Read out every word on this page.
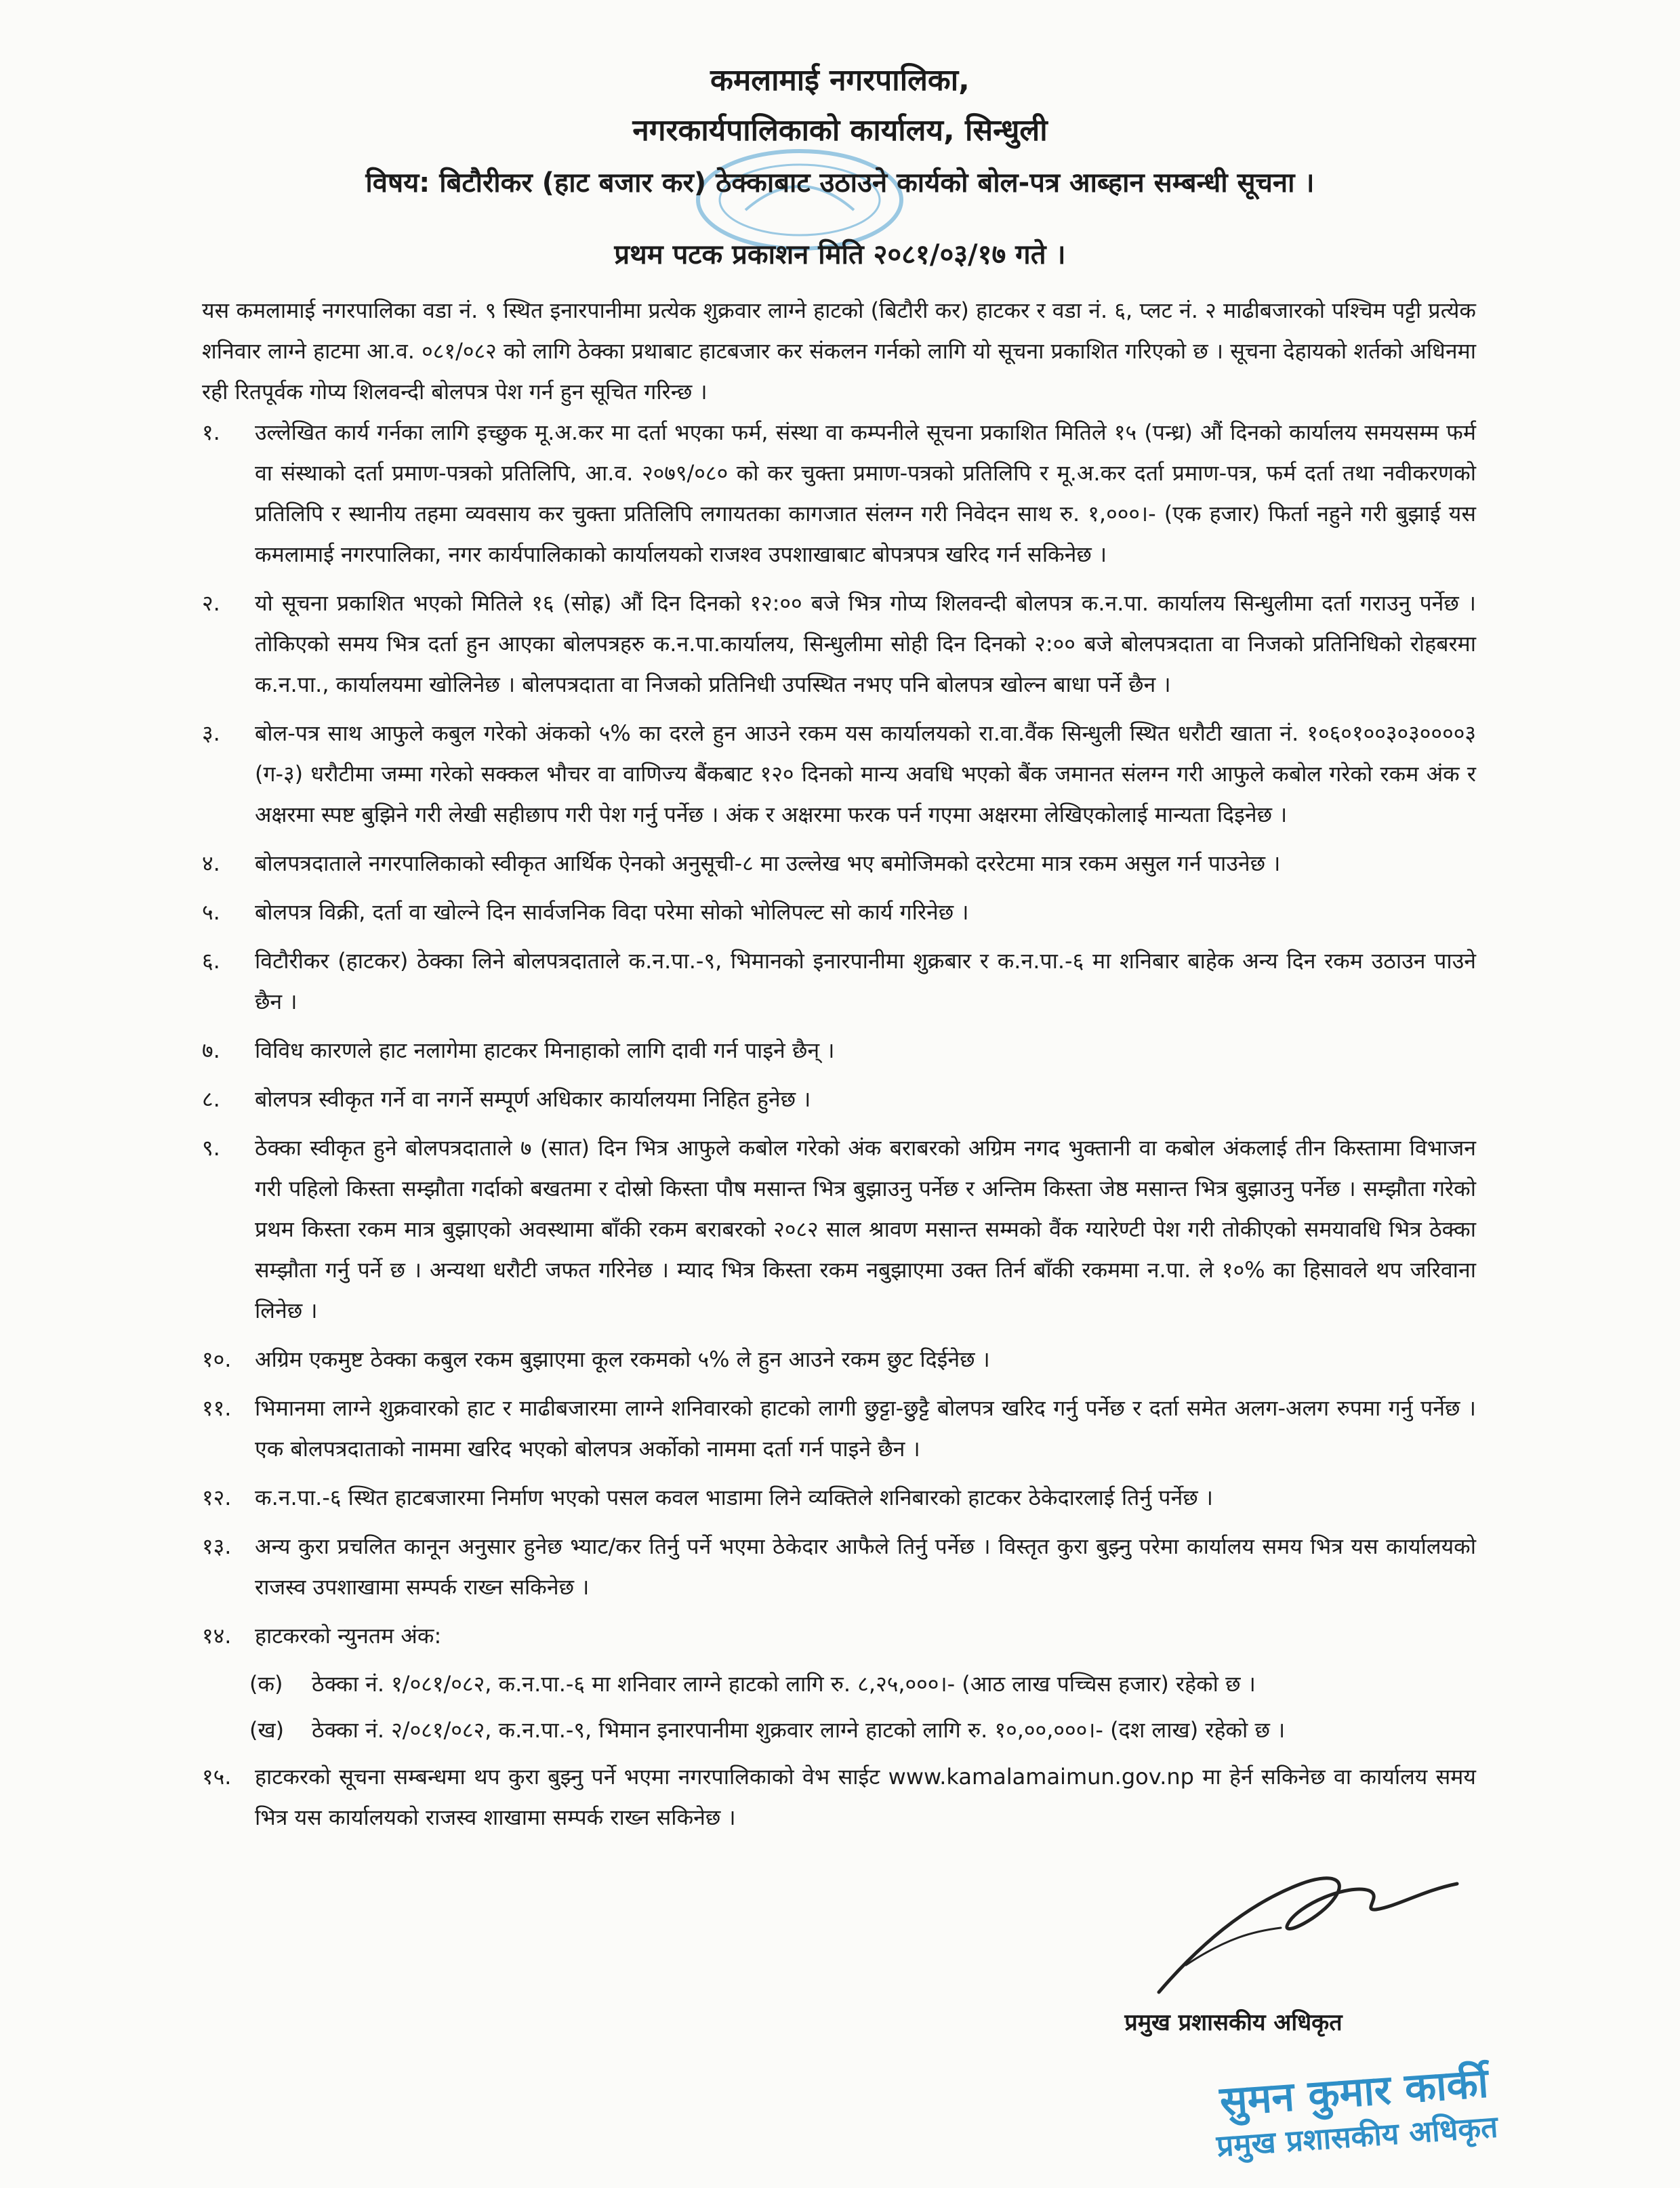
कमलामाई नगरपालिका,
नगरकार्यपालिकाको कार्यालय, सिन्धुली
विषय: बिटौरीकर (हाट बजार कर) ठेक्काबाट उठाउने कार्यको बोल-पत्र आब्हान सम्बन्धी सूचना ।
प्रथम पटक प्रकाशन मिति २०८१/०३/१७ गते ।
यस कमलामाई नगरपालिका वडा नं. ९ स्थित इनारपानीमा प्रत्येक शुक्रवार लाग्ने हाटको (बिटौरी कर) हाटकर र वडा नं. ६, प्लट नं. २ माढीबजारको पश्चिम पट्टी प्रत्येक शनिवार लाग्ने हाटमा आ.व. ०८१/०८२ को लागि ठेक्का प्रथाबाट हाटबजार कर संकलन गर्नको लागि यो सूचना प्रकाशित गरिएको छ । सूचना देहायको शर्तको अधिनमा रही रितपूर्वक गोप्य शिलवन्दी बोलपत्र पेश गर्न हुन सूचित गरिन्छ ।
१.	उल्लेखित कार्य गर्नका लागि इच्छुक मू.अ.कर मा दर्ता भएका फर्म, संस्था वा कम्पनीले सूचना प्रकाशित मितिले १५ (पन्ध्र) औं दिनको कार्यालय समयसम्म फर्म वा संस्थाको दर्ता प्रमाण-पत्रको प्रतिलिपि, आ.व. २०७९/०८० को कर चुक्ता प्रमाण-पत्रको प्रतिलिपि र मू.अ.कर दर्ता प्रमाण-पत्र, फर्म दर्ता तथा नवीकरणको प्रतिलिपि र स्थानीय तहमा व्यवसाय कर चुक्ता प्रतिलिपि लगायतका कागजात संलग्न गरी निवेदन साथ रु. १,०००।- (एक हजार) फिर्ता नहुने गरी बुझाई यस कमलामाई नगरपालिका, नगर कार्यपालिकाको कार्यालयको राजश्व उपशाखाबाट बोपत्रपत्र खरिद गर्न सकिनेछ ।
२.	यो सूचना प्रकाशित भएको मितिले १६ (सोह्र) औं दिन दिनको १२:०० बजे भित्र गोप्य शिलवन्दी बोलपत्र क.न.पा. कार्यालय सिन्धुलीमा दर्ता गराउनु पर्नेछ । तोकिएको समय भित्र दर्ता हुन आएका बोलपत्रहरु क.न.पा.कार्यालय, सिन्धुलीमा सोही दिन दिनको २:०० बजे बोलपत्रदाता वा निजको प्रतिनिधिको रोहबरमा क.न.पा., कार्यालयमा खोलिनेछ । बोलपत्रदाता वा निजको प्रतिनिधी उपस्थित नभए पनि बोलपत्र खोल्न बाधा पर्ने छैन ।
३.	बोल-पत्र साथ आफुले कबुल गरेको अंकको ५% का दरले हुन आउने रकम यस कार्यालयको रा.वा.वैंक सिन्धुली स्थित धरौटी खाता नं. १०६०१००३०३००००३ (ग-३) धरौटीमा जम्मा गरेको सक्कल भौचर वा वाणिज्य बैंकबाट १२० दिनको मान्य अवधि भएको बैंक जमानत संलग्न गरी आफुले कबोल गरेको रकम अंक र अक्षरमा स्पष्ट बुझिने गरी लेखी सहीछाप गरी पेश गर्नु पर्नेछ । अंक र अक्षरमा फरक पर्न गएमा अक्षरमा लेखिएकोलाई मान्यता दिइनेछ ।
४.	बोलपत्रदाताले नगरपालिकाको स्वीकृत आर्थिक ऐनको अनुसूची-८ मा उल्लेख भए बमोजिमको दररेटमा मात्र रकम असुल गर्न पाउनेछ ।
५.	बोलपत्र विक्री, दर्ता वा खोल्ने दिन सार्वजनिक विदा परेमा सोको भोलिपल्ट सो कार्य गरिनेछ ।
६.	विटौरीकर (हाटकर) ठेक्का लिने बोलपत्रदाताले क.न.पा.-९, भिमानको इनारपानीमा शुक्रबार र क.न.पा.-६ मा शनिबार बाहेक अन्य दिन रकम उठाउन पाउने छैन ।
७.	विविध कारणले हाट नलागेमा हाटकर मिनाहाको लागि दावी गर्न पाइने छैन् ।
८.	बोलपत्र स्वीकृत गर्ने वा नगर्ने सम्पूर्ण अधिकार कार्यालयमा निहित हुनेछ ।
९.	ठेक्का स्वीकृत हुने बोलपत्रदाताले ७ (सात) दिन भित्र आफुले कबोल गरेको अंक बराबरको अग्रिम नगद भुक्तानी वा कबोल अंकलाई तीन किस्तामा विभाजन गरी पहिलो किस्ता सम्झौता गर्दाको बखतमा र दोस्रो किस्ता पौष मसान्त भित्र बुझाउनु पर्नेछ र अन्तिम किस्ता जेष्ठ मसान्त भित्र बुझाउनु पर्नेछ । सम्झौता गरेको प्रथम किस्ता रकम मात्र बुझाएको अवस्थामा बाँकी रकम बराबरको २०८२ साल श्रावण मसान्त सम्मको वैंक ग्यारेण्टी पेश गरी तोकीएको समयावधि भित्र ठेक्का सम्झौता गर्नु पर्ने छ । अन्यथा धरौटी जफत गरिनेछ । म्याद भित्र किस्ता रकम नबुझाएमा उक्त तिर्न बाँकी रकममा न.पा. ले १०% का हिसावले थप जरिवाना लिनेछ ।
१०.	अग्रिम एकमुष्ट ठेक्का कबुल रकम बुझाएमा कूल रकमको ५% ले हुन आउने रकम छुट दिईनेछ ।
११.	भिमानमा लाग्ने शुक्रवारको हाट र माढीबजारमा लाग्ने शनिवारको हाटको लागी छुट्टा-छुट्टै बोलपत्र खरिद गर्नु पर्नेछ र दर्ता समेत अलग-अलग रुपमा गर्नु पर्नेछ । एक बोलपत्रदाताको नाममा खरिद भएको बोलपत्र अर्कोको नाममा दर्ता गर्न पाइने छैन ।
१२.	क.न.पा.-६ स्थित हाटबजारमा निर्माण भएको पसल कवल भाडामा लिने व्यक्तिले शनिबारको हाटकर ठेकेदारलाई तिर्नु पर्नेछ ।
१३.	अन्य कुरा प्रचलित कानून अनुसार हुनेछ भ्याट/कर तिर्नु पर्ने भएमा ठेकेदार आफैले तिर्नु पर्नेछ । विस्तृत कुरा बुझ्नु परेमा कार्यालय समय भित्र यस कार्यालयको राजस्व उपशाखामा सम्पर्क राख्न सकिनेछ ।
१४.	हाटकरको न्युनतम अंक:
(क)	ठेक्का नं. १/०८१/०८२, क.न.पा.-६ मा शनिवार लाग्ने हाटको लागि रु. ८,२५,०००।- (आठ लाख पच्चिस हजार) रहेको छ ।
(ख)	ठेक्का नं. २/०८१/०८२, क.न.पा.-९, भिमान इनारपानीमा शुक्रवार लाग्ने हाटको लागि रु. १०,००,०००।- (दश लाख) रहेको छ ।
१५.	हाटकरको सूचना सम्बन्धमा थप कुरा बुझ्नु पर्ने भएमा नगरपालिकाको वेभ साईट www.kamalamaimun.gov.np मा हेर्न सकिनेछ वा कार्यालय समय भित्र यस कार्यालयको राजस्व शाखामा सम्पर्क राख्न सकिनेछ ।
प्रमुख प्रशासकीय अधिकृत
सुमन कुमार कार्की
प्रमुख प्रशासकीय अधिकृत
